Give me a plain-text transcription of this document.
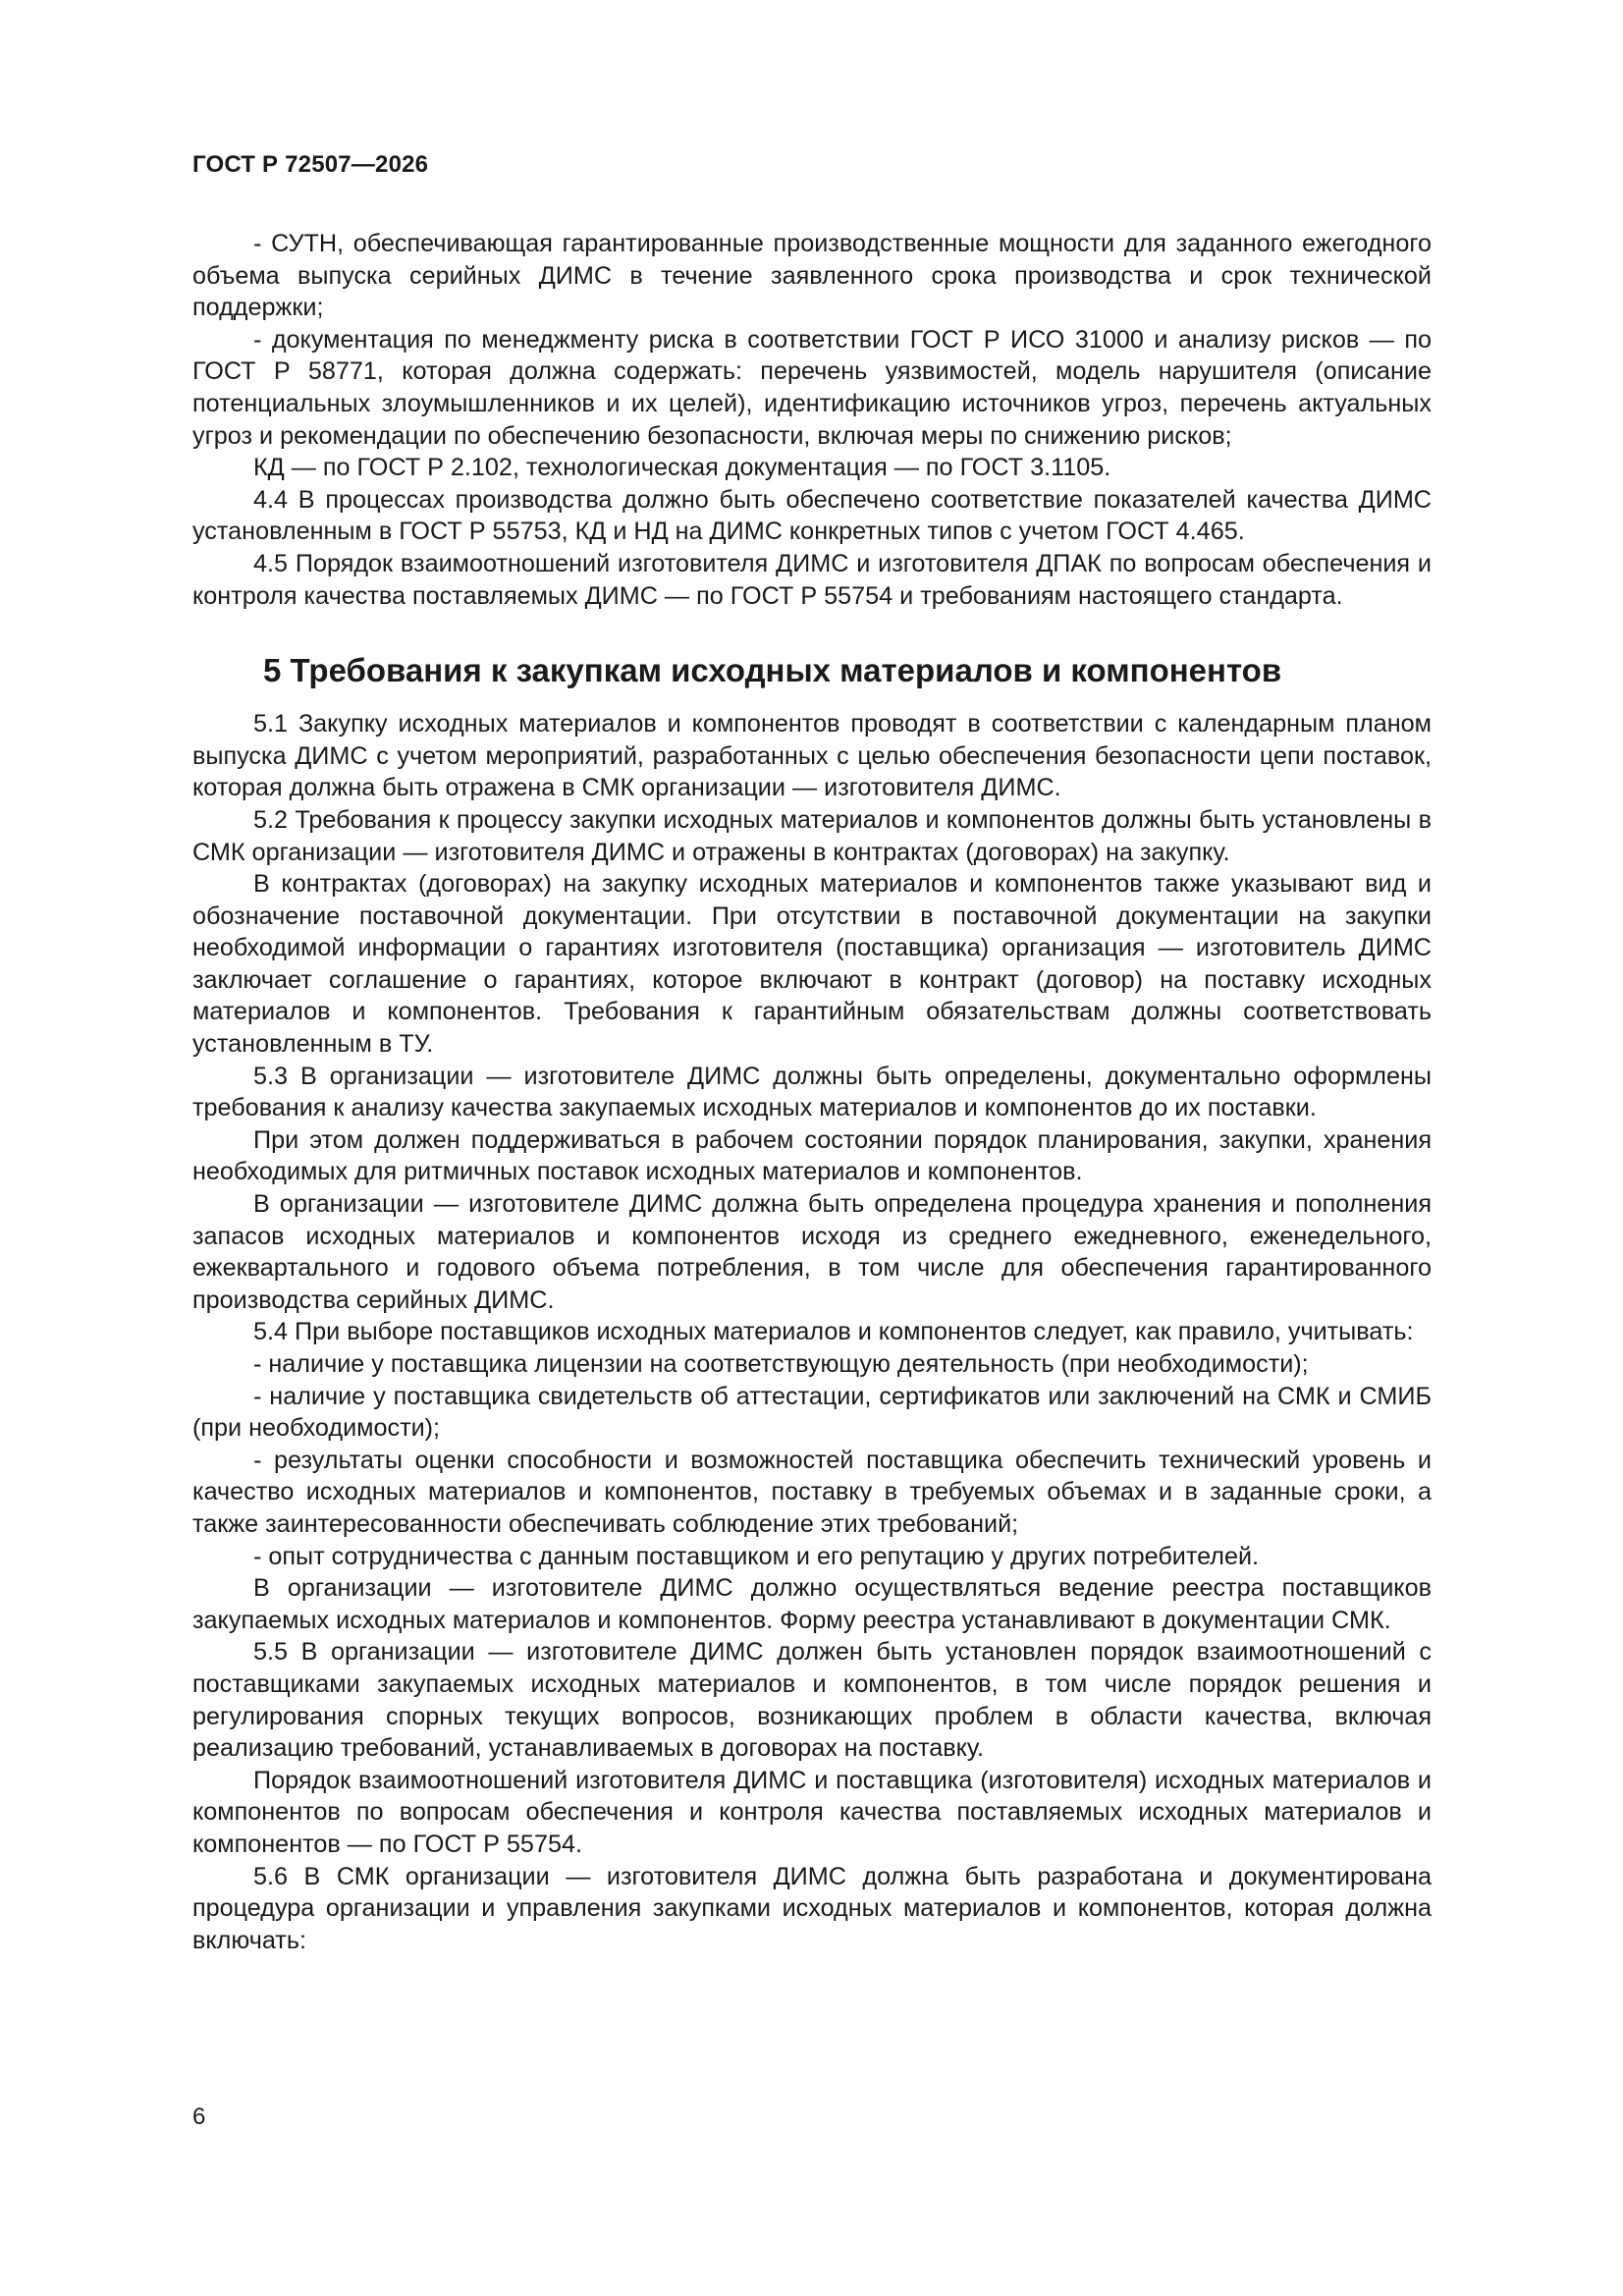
ГОСТ Р 72507—2026

- СУТН, обеспечивающая гарантированные производственные мощности для заданного ежегодного объема выпуска серийных ДИМС в течение заявленного срока производства и срок технической поддержки;

- документация по менеджменту риска в соответствии ГОСТ Р ИСО 31000 и анализу рисков — по ГОСТ Р 58771, которая должна содержать: перечень уязвимостей, модель нарушителя (описание потенциальных злоумышленников и их целей), идентификацию источников угроз, перечень актуальных угроз и рекомендации по обеспечению безопасности, включая меры по снижению рисков;

КД — по ГОСТ Р 2.102, технологическая документация — по ГОСТ 3.1105.

4.4 В процессах производства должно быть обеспечено соответствие показателей качества ДИМС установленным в ГОСТ Р 55753, КД и НД на ДИМС конкретных типов с учетом ГОСТ 4.465.

4.5 Порядок взаимоотношений изготовителя ДИМС и изготовителя ДПАК по вопросам обеспечения и контроля качества поставляемых ДИМС — по ГОСТ Р 55754 и требованиям настоящего стандарта.

5 Требования к закупкам исходных материалов и компонентов

5.1 Закупку исходных материалов и компонентов проводят в соответствии с календарным планом выпуска ДИМС с учетом мероприятий, разработанных с целью обеспечения безопасности цепи поставок, которая должна быть отражена в СМК организации — изготовителя ДИМС.

5.2 Требования к процессу закупки исходных материалов и компонентов должны быть установлены в СМК организации — изготовителя ДИМС и отражены в контрактах (договорах) на закупку.

В контрактах (договорах) на закупку исходных материалов и компонентов также указывают вид и обозначение поставочной документации. При отсутствии в поставочной документации на закупки необходимой информации о гарантиях изготовителя (поставщика) организация — изготовитель ДИМС заключает соглашение о гарантиях, которое включают в контракт (договор) на поставку исходных материалов и компонентов. Требования к гарантийным обязательствам должны соответствовать установленным в ТУ.

5.3 В организации — изготовителе ДИМС должны быть определены, документально оформлены требования к анализу качества закупаемых исходных материалов и компонентов до их поставки.

При этом должен поддерживаться в рабочем состоянии порядок планирования, закупки, хранения необходимых для ритмичных поставок исходных материалов и компонентов.

В организации — изготовителе ДИМС должна быть определена процедура хранения и пополнения запасов исходных материалов и компонентов исходя из среднего ежедневного, еженедельного, ежеквартального и годового объема потребления, в том числе для обеспечения гарантированного производства серийных ДИМС.

5.4 При выборе поставщиков исходных материалов и компонентов следует, как правило, учитывать:

- наличие у поставщика лицензии на соответствующую деятельность (при необходимости);

- наличие у поставщика свидетельств об аттестации, сертификатов или заключений на СМК и СМИБ (при необходимости);

- результаты оценки способности и возможностей поставщика обеспечить технический уровень и качество исходных материалов и компонентов, поставку в требуемых объемах и в заданные сроки, а также заинтересованности обеспечивать соблюдение этих требований;

- опыт сотрудничества с данным поставщиком и его репутацию у других потребителей.

В организации — изготовителе ДИМС должно осуществляться ведение реестра поставщиков закупаемых исходных материалов и компонентов. Форму реестра устанавливают в документации СМК.

5.5 В организации — изготовителе ДИМС должен быть установлен порядок взаимоотношений с поставщиками закупаемых исходных материалов и компонентов, в том числе порядок решения и регулирования спорных текущих вопросов, возникающих проблем в области качества, включая реализацию требований, устанавливаемых в договорах на поставку.

Порядок взаимоотношений изготовителя ДИМС и поставщика (изготовителя) исходных материалов и компонентов по вопросам обеспечения и контроля качества поставляемых исходных материалов и компонентов — по ГОСТ Р 55754.

5.6 В СМК организации — изготовителя ДИМС должна быть разработана и документирована процедура организации и управления закупками исходных материалов и компонентов, которая должна включать:

6
